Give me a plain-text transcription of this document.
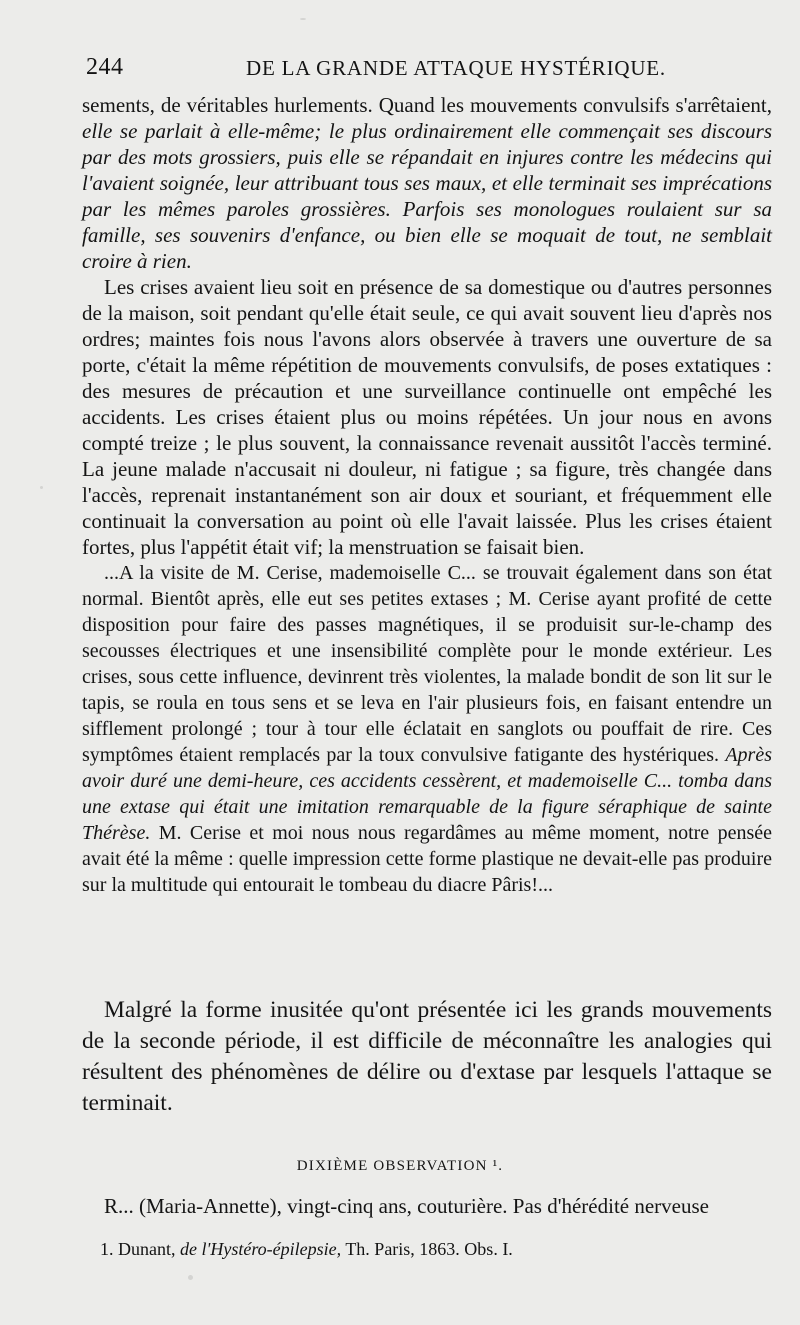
244	DE LA GRANDE ATTAQUE HYSTÉRIQUE.

sements, de véritables hurlements. Quand les mouvements convulsifs s'arrêtaient, elle se parlait à elle-même; le plus ordinairement elle commençait ses discours par des mots grossiers, puis elle se répandait en injures contre les médecins qui l'avaient soignée, leur attribuant tous ses maux, et elle terminait ses imprécations par les mêmes paroles grossières. Parfois ses monologues roulaient sur sa famille, ses souvenirs d'enfance, ou bien elle se moquait de tout, ne semblait croire à rien.

Les crises avaient lieu soit en présence de sa domestique ou d'autres personnes de la maison, soit pendant qu'elle était seule, ce qui avait souvent lieu d'après nos ordres; maintes fois nous l'avons alors observée à travers une ouverture de sa porte, c'était la même répétition de mouvements convulsifs, de poses extatiques : des mesures de précaution et une surveillance continuelle ont empêché les accidents. Les crises étaient plus ou moins répétées. Un jour nous en avons compté treize ; le plus souvent, la connaissance revenait aussitôt l'accès terminé. La jeune malade n'accusait ni douleur, ni fatigue ; sa figure, très changée dans l'accès, reprenait instantanément son air doux et souriant, et fréquemment elle continuait la conversation au point où elle l'avait laissée. Plus les crises étaient fortes, plus l'appétit était vif; la menstruation se faisait bien.

...A la visite de M. Cerise, mademoiselle C... se trouvait également dans son état normal. Bientôt après, elle eut ses petites extases ; M. Cerise ayant profité de cette disposition pour faire des passes magnétiques, il se produisit sur-le-champ des secousses électriques et une insensibilité complète pour le monde extérieur. Les crises, sous cette influence, devinrent très violentes, la malade bondit de son lit sur le tapis, se roula en tous sens et se leva en l'air plusieurs fois, en faisant entendre un sifflement prolongé ; tour à tour elle éclatait en sanglots ou pouffait de rire. Ces symptômes étaient remplacés par la toux convulsive fatigante des hystériques. Après avoir duré une demi-heure, ces accidents cessèrent, et mademoiselle C... tomba dans une extase qui était une imitation remarquable de la figure séraphique de sainte Thérèse. M. Cerise et moi nous nous regardâmes au même moment, notre pensée avait été la même : quelle impression cette forme plastique ne devait-elle pas produire sur la multitude qui entourait le tombeau du diacre Pâris!...

Malgré la forme inusitée qu'ont présentée ici les grands mouvements de la seconde période, il est difficile de méconnaître les analogies qui résultent des phénomènes de délire ou d'extase par lesquels l'attaque se terminait.
DIXIÈME OBSERVATION ¹.
R... (Maria-Annette), vingt-cinq ans, couturière. Pas d'hérédité nerveuse
1. Dunant, de l'Hystéro-épilepsie, Th. Paris, 1863. Obs. I.
